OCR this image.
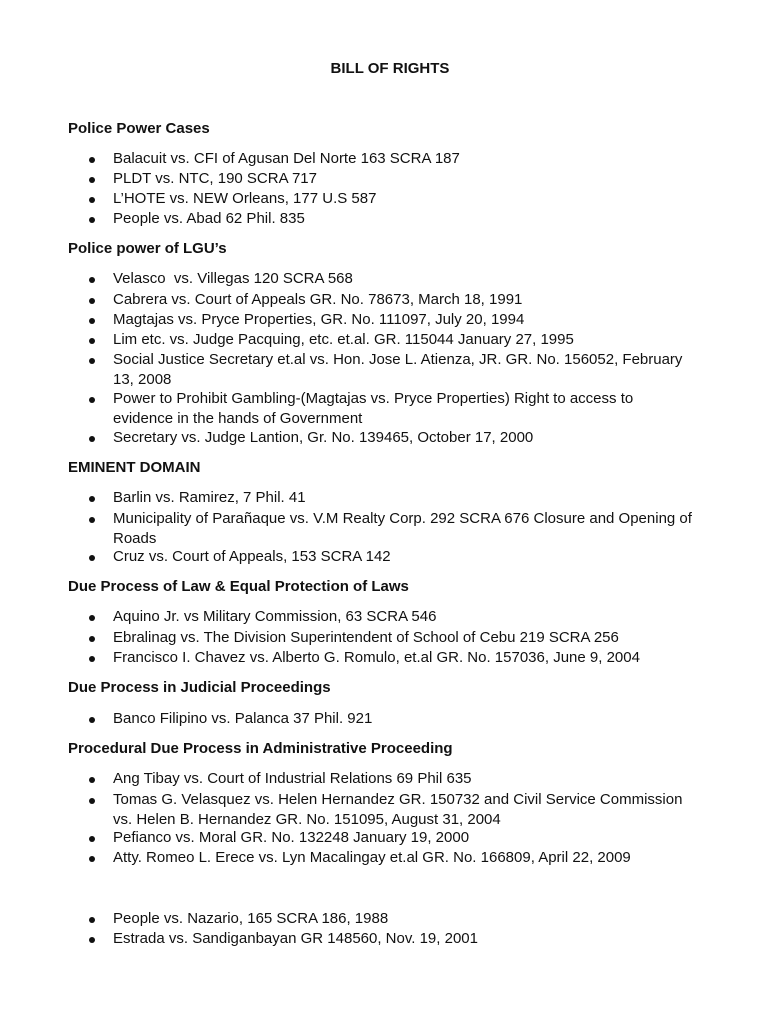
BILL OF RIGHTS
Police Power Cases
Balacuit vs. CFI of Agusan Del Norte 163 SCRA 187
PLDT vs. NTC, 190 SCRA 717
L’HOTE vs. NEW Orleans, 177 U.S 587
People vs. Abad 62 Phil. 835
Police power of LGU’s
Velasco  vs. Villegas 120 SCRA 568
Cabrera vs. Court of Appeals GR. No. 78673, March 18, 1991
Magtajas vs. Pryce Properties, GR. No. 111097, July 20, 1994
Lim etc. vs. Judge Pacquing, etc. et.al. GR. 115044 January 27, 1995
Social Justice Secretary et.al vs. Hon. Jose L. Atienza, JR. GR. No. 156052, February 13, 2008
Power to Prohibit Gambling-(Magtajas vs. Pryce Properties) Right to access to evidence in the hands of Government
Secretary vs. Judge Lantion, Gr. No. 139465, October 17, 2000
EMINENT DOMAIN
Barlin vs. Ramirez, 7 Phil. 41
Municipality of Parañaque vs. V.M Realty Corp. 292 SCRA 676 Closure and Opening of Roads
Cruz vs. Court of Appeals, 153 SCRA 142
Due Process of Law & Equal Protection of Laws
Aquino Jr. vs Military Commission, 63 SCRA 546
Ebralinag vs. The Division Superintendent of School of Cebu 219 SCRA 256
Francisco I. Chavez vs. Alberto G. Romulo, et.al GR. No. 157036, June 9, 2004
Due Process in Judicial Proceedings
Banco Filipino vs. Palanca 37 Phil. 921
Procedural Due Process in Administrative Proceeding
Ang Tibay vs. Court of Industrial Relations 69 Phil 635
Tomas G. Velasquez vs. Helen Hernandez GR. 150732 and Civil Service Commission vs. Helen B. Hernandez GR. No. 151095, August 31, 2004
Pefianco vs. Moral GR. No. 132248 January 19, 2000
Atty. Romeo L. Erece vs. Lyn Macalingay et.al GR. No. 166809, April 22, 2009
People vs. Nazario, 165 SCRA 186, 1988
Estrada vs. Sandiganbayan GR 148560, Nov. 19, 2001
